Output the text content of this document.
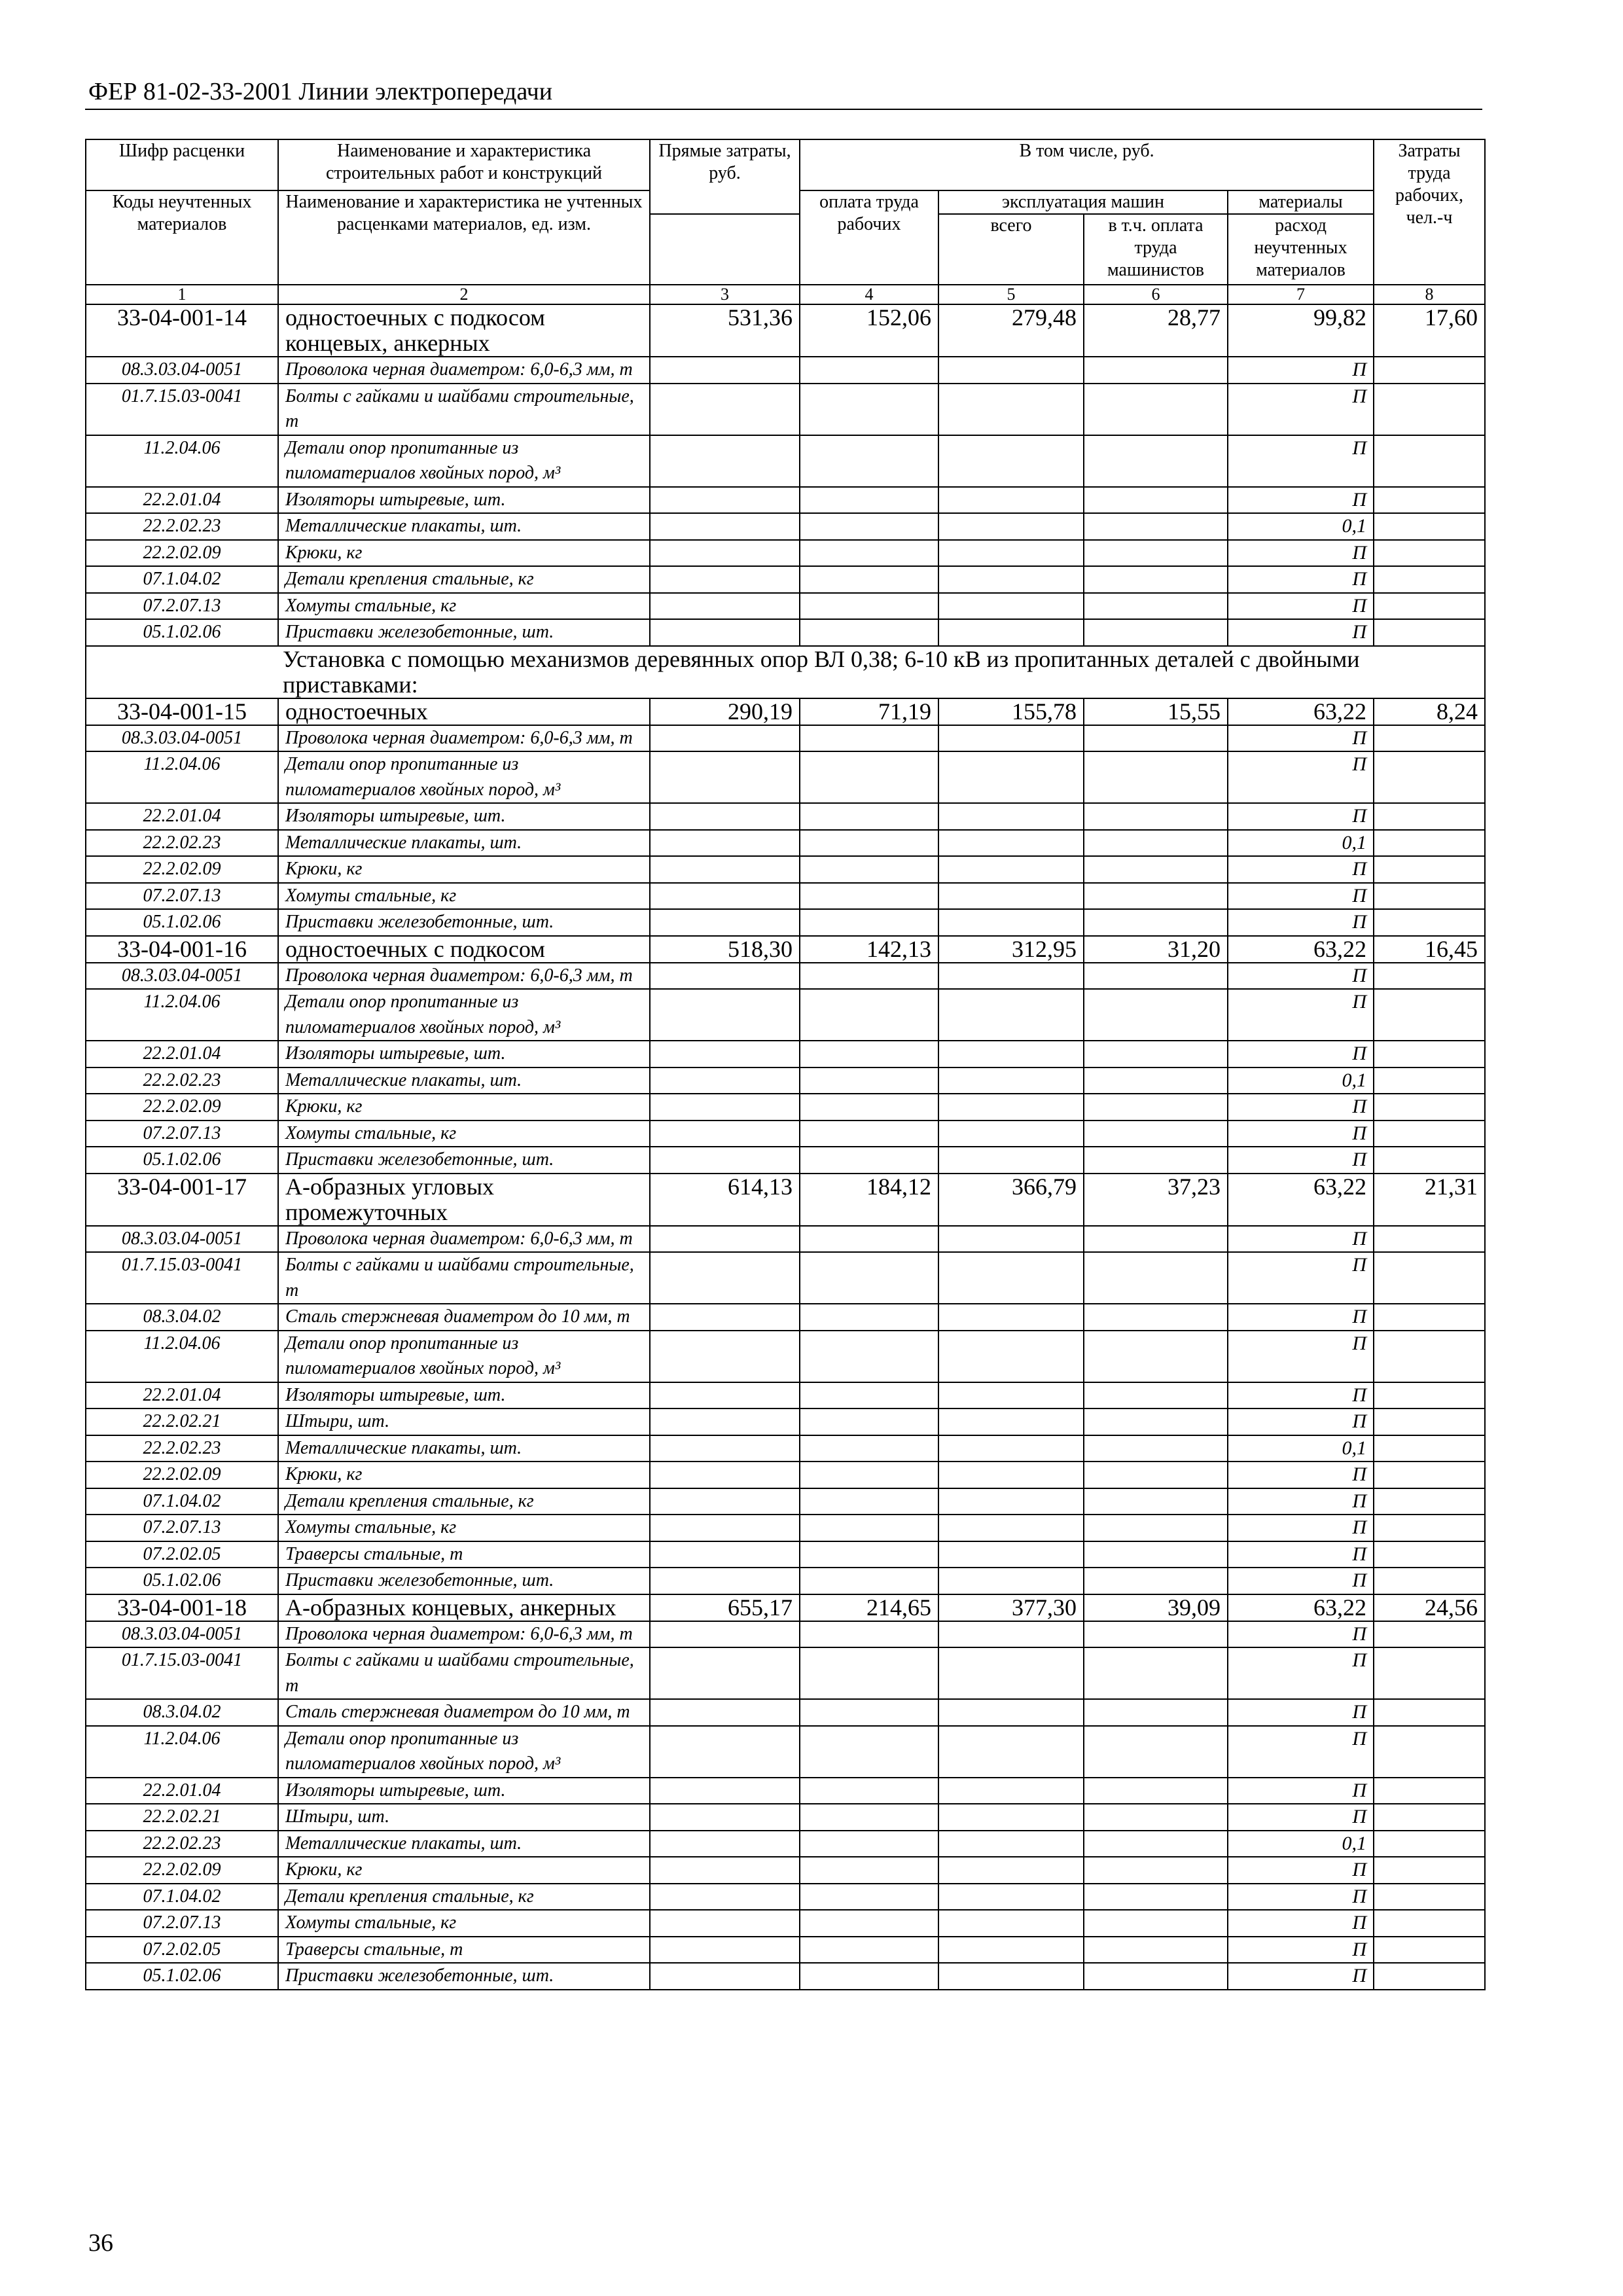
ФЕР 81-02-33-2001 Линии электропередачи
Шифр расценки	Наименование и характеристика строительных работ и конструкций	Прямые затраты, руб.	В том числе, руб.				Затраты труда рабочих, чел.-ч
Коды неучтенных материалов	Наименование и характеристика не учтенных расценками материалов, ед. изм.						
			оплата труда рабочих	эксплуатация машин		материалы	
				всего	в т.ч. оплата труда машинистов	расход неучтенных материалов	
1	2	3	4	5	6	7	8
33-04-001-14	одностоечных с подкосом концевых, анкерных	531,36	152,06	279,48	28,77	99,82	17,60
08.3.03.04-0051	Проволока черная диаметром: 6,0-6,3 мм, т					П	
01.7.15.03-0041	Болты с гайками и шайбами строительные, т					П	
11.2.04.06	Детали опор пропитанные из пиломатериалов хвойных пород, м³					П	
22.2.01.04	Изоляторы штыревые, шт.					П	
22.2.02.23	Металлические плакаты, шт.					0,1	
22.2.02.09	Крюки, кг					П	
07.1.04.02	Детали крепления стальные, кг					П	
07.2.07.13	Хомуты стальные, кг					П	
05.1.02.06	Приставки железобетонные, шт.					П	
Установка с помощью механизмов деревянных опор ВЛ 0,38; 6-10 кВ из пропитанных деталей с двойными приставками:							
33-04-001-15	одностоечных	290,19	71,19	155,78	15,55	63,22	8,24
08.3.03.04-0051	Проволока черная диаметром: 6,0-6,3 мм, т					П	
11.2.04.06	Детали опор пропитанные из пиломатериалов хвойных пород, м³					П	
22.2.01.04	Изоляторы штыревые, шт.					П	
22.2.02.23	Металлические плакаты, шт.					0,1	
22.2.02.09	Крюки, кг					П	
07.2.07.13	Хомуты стальные, кг					П	
05.1.02.06	Приставки железобетонные, шт.					П	
33-04-001-16	одностоечных с подкосом	518,30	142,13	312,95	31,20	63,22	16,45
08.3.03.04-0051	Проволока черная диаметром: 6,0-6,3 мм, т					П	
11.2.04.06	Детали опор пропитанные из пиломатериалов хвойных пород, м³					П	
22.2.01.04	Изоляторы штыревые, шт.					П	
22.2.02.23	Металлические плакаты, шт.					0,1	
22.2.02.09	Крюки, кг					П	
07.2.07.13	Хомуты стальные, кг					П	
05.1.02.06	Приставки железобетонные, шт.					П	
33-04-001-17	А-образных угловых промежуточных	614,13	184,12	366,79	37,23	63,22	21,31
08.3.03.04-0051	Проволока черная диаметром: 6,0-6,3 мм, т					П	
01.7.15.03-0041	Болты с гайками и шайбами строительные, т					П	
08.3.04.02	Сталь стержневая диаметром до 10 мм, т					П	
11.2.04.06	Детали опор пропитанные из пиломатериалов хвойных пород, м³					П	
22.2.01.04	Изоляторы штыревые, шт.					П	
22.2.02.21	Штыри, шт.					П	
22.2.02.23	Металлические плакаты, шт.					0,1	
22.2.02.09	Крюки, кг					П	
07.1.04.02	Детали крепления стальные, кг					П	
07.2.07.13	Хомуты стальные, кг					П	
07.2.02.05	Траверсы стальные, т					П	
05.1.02.06	Приставки железобетонные, шт.					П	
33-04-001-18	А-образных концевых, анкерных	655,17	214,65	377,30	39,09	63,22	24,56
08.3.03.04-0051	Проволока черная диаметром: 6,0-6,3 мм, т					П	
01.7.15.03-0041	Болты с гайками и шайбами строительные, т					П	
08.3.04.02	Сталь стержневая диаметром до 10 мм, т					П	
11.2.04.06	Детали опор пропитанные из пиломатериалов хвойных пород, м³					П	
22.2.01.04	Изоляторы штыревые, шт.					П	
22.2.02.21	Штыри, шт.					П	
22.2.02.23	Металлические плакаты, шт.					0,1	
22.2.02.09	Крюки, кг					П	
07.1.04.02	Детали крепления стальные, кг					П	
07.2.07.13	Хомуты стальные, кг					П	
07.2.02.05	Траверсы стальные, т					П	
05.1.02.06	Приставки железобетонные, шт.					П	
36
